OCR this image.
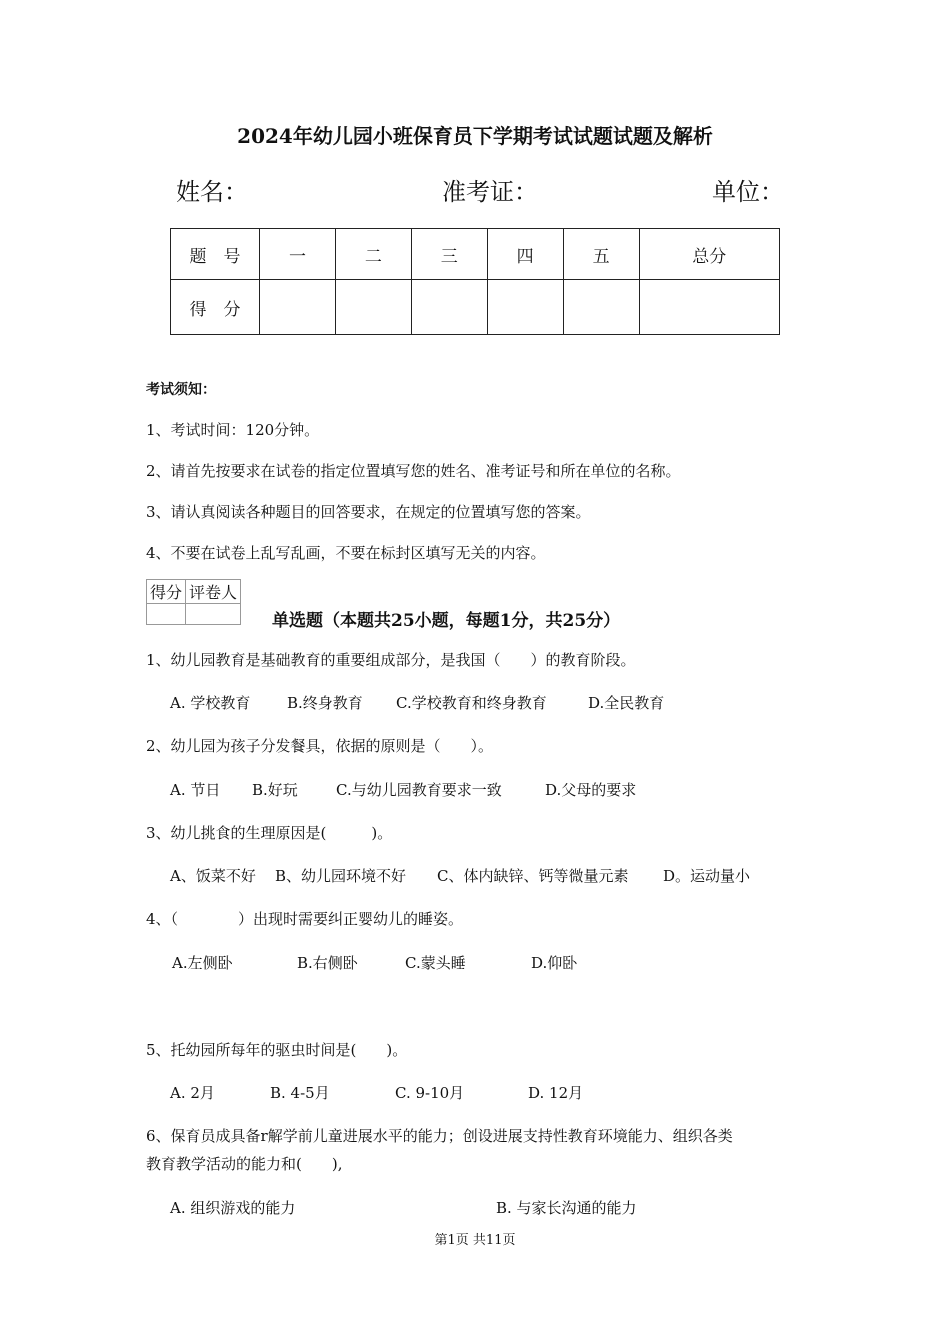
2024年幼儿园小班保育员下学期考试试题试题及解析
姓名：	准考证：	单位：
题　号	一	二	三	四	五	总分
得　分						
考试须知：
1、考试时间：120分钟。
2、请首先按要求在试卷的指定位置填写您的姓名、准考证号和所在单位的名称。
3、请认真阅读各种题目的回答要求，在规定的位置填写您的答案。
4、不要在试卷上乱写乱画，不要在标封区填写无关的内容。
得分	评卷人

单选题（本题共25小题，每题1分，共25分）
1、幼儿园教育是基础教育的重要组成部分，是我国（　　）的教育阶段。
A. 学校教育 B.终身教育 C.学校教育和终身教育	D.全民教育
2、幼儿园为孩子分发餐具，依据的原则是（　　）。
A. 节日 B.好玩	C.与幼儿园教育要求一致	D.父母的要求
3、幼儿挑食的生理原因是(　　　)。
A、饭菜不好 B、幼儿园环境不好 C、体内缺锌、钙等微量元素 D。运动量小
4、（　　　　）出现时需要纠正婴幼儿的睡姿。
A.左侧卧	B.右侧卧	C.蒙头睡	D.仰卧
5、托幼园所每年的驱虫时间是(　　)。
A. 2月	B. 4-5月	C. 9-10月	D. 12月
6、保育员成具备r解学前儿童进展水平的能力；创设进展支持性教育环境能力、组织各类
教育教学活动的能力和(　　),
A. 组织游戏的能力	B. 与家长沟通的能力
第1页 共11页
